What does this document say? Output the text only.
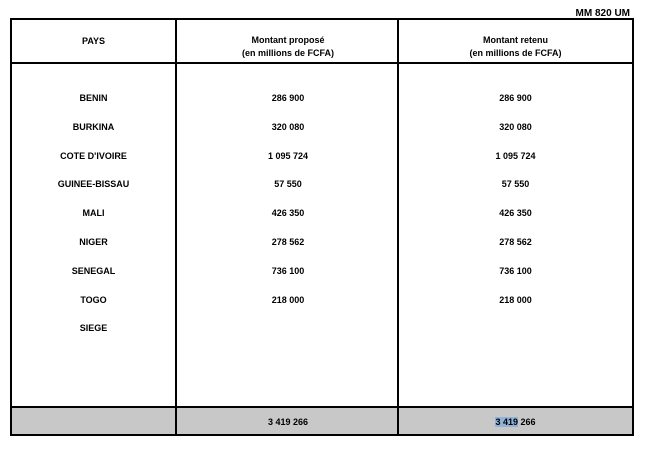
MM 820 UM
PAYS
BENIN
BURKINA
COTE D'IVOIRE
GUINEE-BISSAU
MALI
NIGER
SENEGAL
TOGO
SIEGE
Montant proposé
(en millions de FCFA)
286 900
320 080
1 095 724
57 550
426 350
278 562
736 100
218 000
3 419 266
Montant retenu
(en millions de FCFA)
286 900
320 080
1 095 724
57 550
426 350
278 562
736 100
218 000
3 419 266
